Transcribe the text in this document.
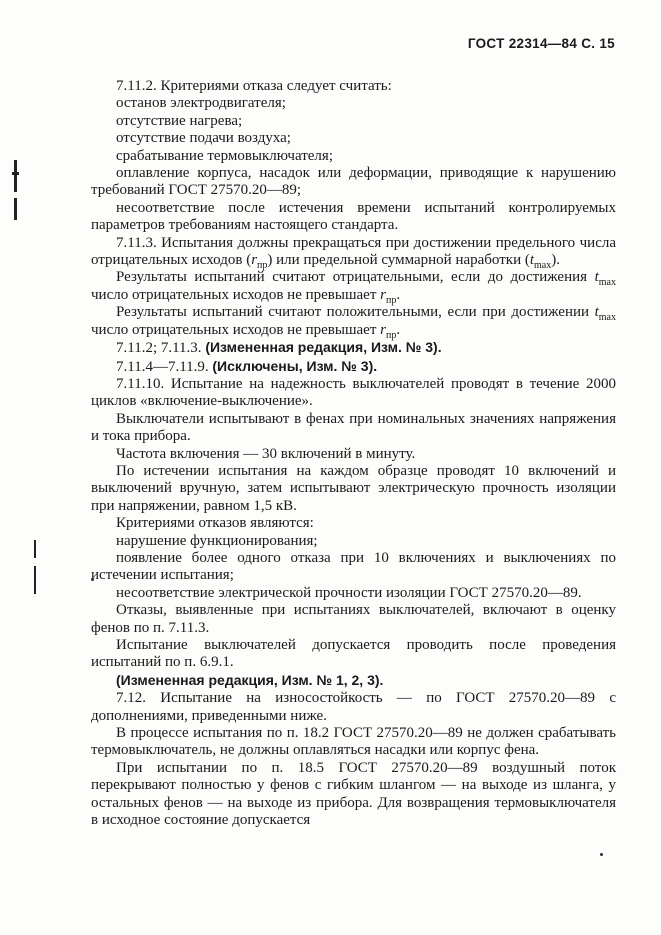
ГОСТ 22314—84 С. 15

7.11.2. Критериями отказа следует считать:

останов электродвигателя;

отсутствие нагрева;

отсутствие подачи воздуха;

срабатывание термовыключателя;

оплавление корпуса, насадок или деформации, приводящие к нарушению требований ГОСТ 27570.20—89;

несоответствие после истечения времени испытаний контролируемых параметров требованиям настоящего стандарта.

7.11.3. Испытания должны прекращаться при достижении предельного числа отрицательных исходов $(r_{пр})$ или предельной суммарной наработки $(t_{max})$.

Результаты испытаний считают отрицательными, если до достижения $t_{max}$ число отрицательных исходов не превышает $r_{пр}$.

Результаты испытаний считают положительными, если при достижении $t_{max}$ число отрицательных исходов не превышает $r_{пр}$.

7.11.2; 7.11.3. (Измененная редакция, Изм. № 3).

7.11.4—7.11.9. (Исключены, Изм. № 3).

7.11.10. Испытание на надежность выключателей проводят в течение 2000 циклов «включение-выключение».

Выключатели испытывают в фенах при номинальных значениях напряжения и тока прибора.

Частота включения — 30 включений в минуту.

По истечении испытания на каждом образце проводят 10 включений и выключений вручную, затем испытывают электрическую прочность изоляции при напряжении, равном 1,5 кВ.

Критериями отказов являются:

нарушение функционирования;

появление более одного отказа при 10 включениях и выключениях по истечении испытания;

несоответствие электрической прочности изоляции ГОСТ 27570.20—89.

Отказы, выявленные при испытаниях выключателей, включают в оценку фенов по п. 7.11.3.

Испытание выключателей допускается проводить после проведения испытаний по п. 6.9.1.

(Измененная редакция, Изм. № 1, 2, 3).

7.12. Испытание на износостойкость — по ГОСТ 27570.20—89 с дополнениями, приведенными ниже.

В процессе испытания по п. 18.2 ГОСТ 27570.20—89 не должен срабатывать термовыключатель, не должны оплавляться насадки или корпус фена.

При испытании по п. 18.5 ГОСТ 27570.20—89 воздушный поток перекрывают полностью у фенов с гибким шлангом — на выходе из шланга, у остальных фенов — на выходе из прибора. Для возвращения термовыключателя в исходное состояние допускается
